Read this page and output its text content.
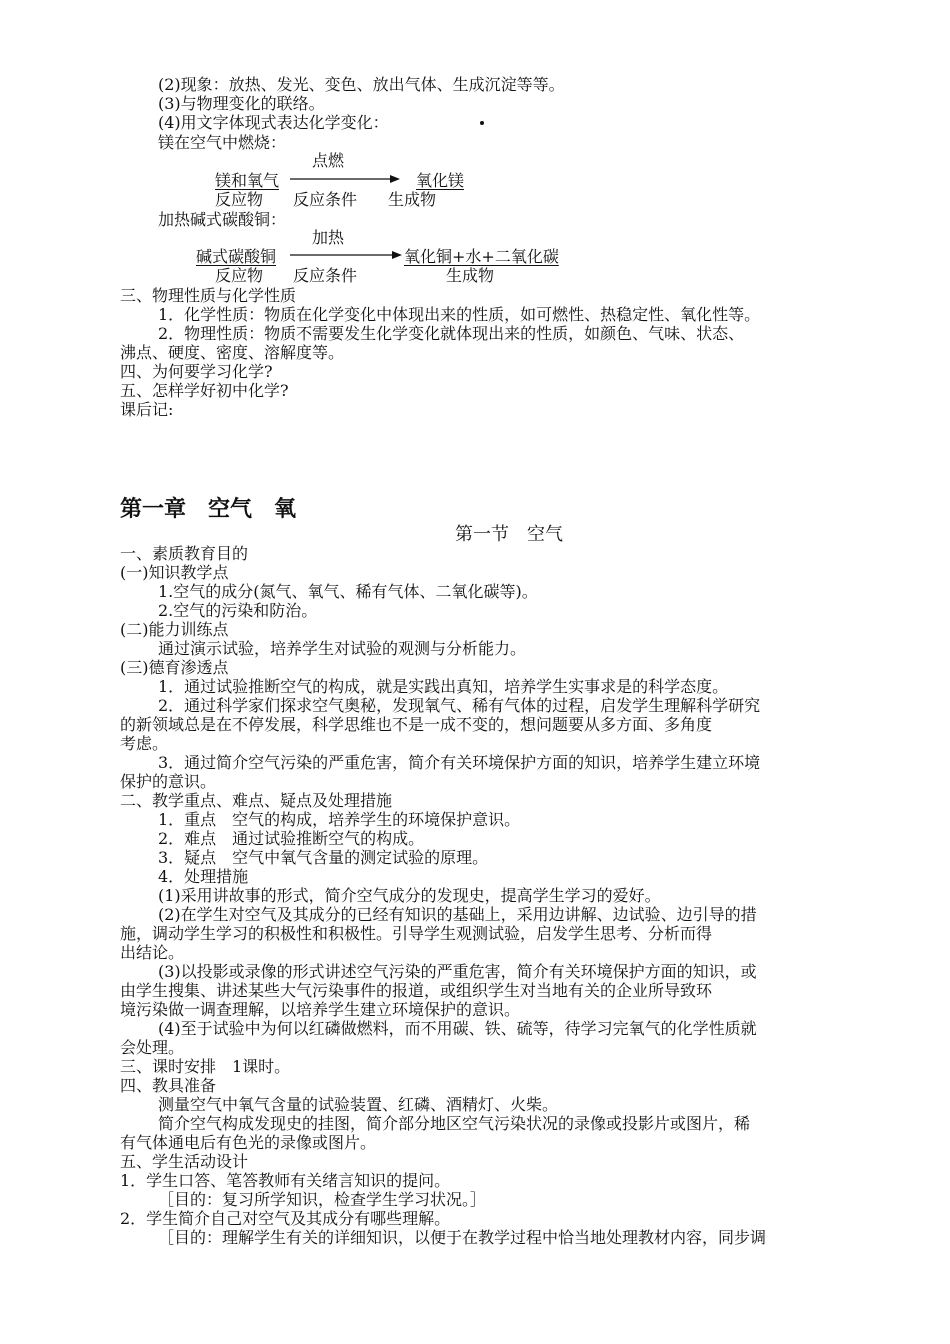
(2)现象：放热、发光、变色、放出气体、生成沉淀等等。
(3)与物理变化的联络。
(4)用文字体现式表达化学变化：
镁在空气中燃烧：
点燃
镁和氧气	氧化镁
反应物 反应条件 生成物
加热碱式碳酸铜：
加热
碱式碳酸铜	氧化铜+水+二氧化碳
反应物 反应条件	生成物
三、物理性质与化学性质
1．化学性质：物质在化学变化中体现出来的性质，如可燃性、热稳定性、氧化性等。
2．物理性质：物质不需要发生化学变化就体现出来的性质，如颜色、气味、状态、
沸点、硬度、密度、溶解度等。
四、为何要学习化学?
五、怎样学好初中化学?
课后记:
第一章　空气　氧
第一节　空气
一、素质教育目的
(一)知识教学点
1.空气的成分(氮气、氧气、稀有气体、二氧化碳等)。
2.空气的污染和防治。
(二)能力训练点
通过演示试验，培养学生对试验的观测与分析能力。
(三)德育渗透点
1．通过试验推断空气的构成，就是实践出真知，培养学生实事求是的科学态度。
2．通过科学家们探求空气奥秘，发现氧气、稀有气体的过程，启发学生理解科学研究
的新领域总是在不停发展，科学思维也不是一成不变的，想问题要从多方面、多角度
考虑。
3．通过简介空气污染的严重危害，简介有关环境保护方面的知识，培养学生建立环境
保护的意识。
二、教学重点、难点、疑点及处理措施
1．重点　空气的构成，培养学生的环境保护意识。
2．难点　通过试验推断空气的构成。
3．疑点　空气中氧气含量的测定试验的原理。
4．处理措施
(1)采用讲故事的形式，简介空气成分的发现史，提高学生学习的爱好。
(2)在学生对空气及其成分的已经有知识的基础上，采用边讲解、边试验、边引导的措
施，调动学生学习的积极性和积极性。引导学生观测试验，启发学生思考、分析而得
出结论。
(3)以投影或录像的形式讲述空气污染的严重危害，简介有关环境保护方面的知识，或
由学生搜集、讲述某些大气污染事件的报道，或组织学生对当地有关的企业所导致环
境污染做一调查理解，以培养学生建立环境保护的意识。
(4)至于试验中为何以红磷做燃料，而不用碳、铁、硫等，待学习完氧气的化学性质就
会处理。
三、课时安排　1课时。
四、教具准备
测量空气中氧气含量的试验装置、红磷、酒精灯、火柴。
简介空气构成发现史的挂图，简介部分地区空气污染状况的录像或投影片或图片，稀
有气体通电后有色光的录像或图片。
五、学生活动设计
1．学生口答、笔答教师有关绪言知识的提问。
［目的：复习所学知识，检查学生学习状况。］
2．学生简介自己对空气及其成分有哪些理解。
［目的：理解学生有关的详细知识，以便于在教学过程中恰当地处理教材内容，同步调
